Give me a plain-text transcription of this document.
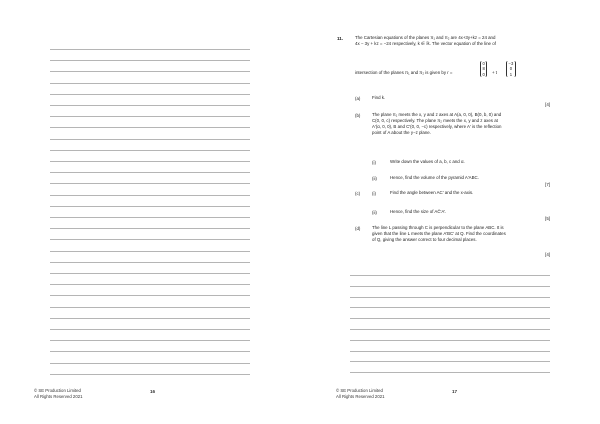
© SE Production Limited
All Rights Reserved 2021
16
11.	The Cartesian equations of the planes π₁ and π₂ are 4x+3y+kz = 24 and
4x − 3y + kz = −24 respectively, k ∈ ℝ. The vector equation of the line of
intersection of the planes π₁ and π₂ is given by r =
0
8
0 + t
−3
0
1
(a)	Find k.
[4]
(b)	The plane π₁ meets the x, y and z axes at A(a, 0, 0), B(0, b, 0) and
C(0, 0, c) respectively. The plane π₂ meets the x, y and z axes at
A′(α, 0, 0), B and C′(0, 0, −c) respectively, where A′ is the reflection
point of A about the y−z plane.
(i)	Write down the values of a, b, c and α.
(ii)	Hence, find the volume of the pyramid A′ABC.
[7]
(c)	(i)	Find the angle between AC′ and the x-axis.
(ii)	Hence, find the size of AĈ′A′.
[5]
(d)	The line L passing through C is perpendicular to the plane ABC. It is
given that the line L meets the plane A′BC′ at Q. Find the coordinates
of Q, giving the answer correct to four decimal places.
[4]
© SE Production Limited
All Rights Reserved 2021
17
